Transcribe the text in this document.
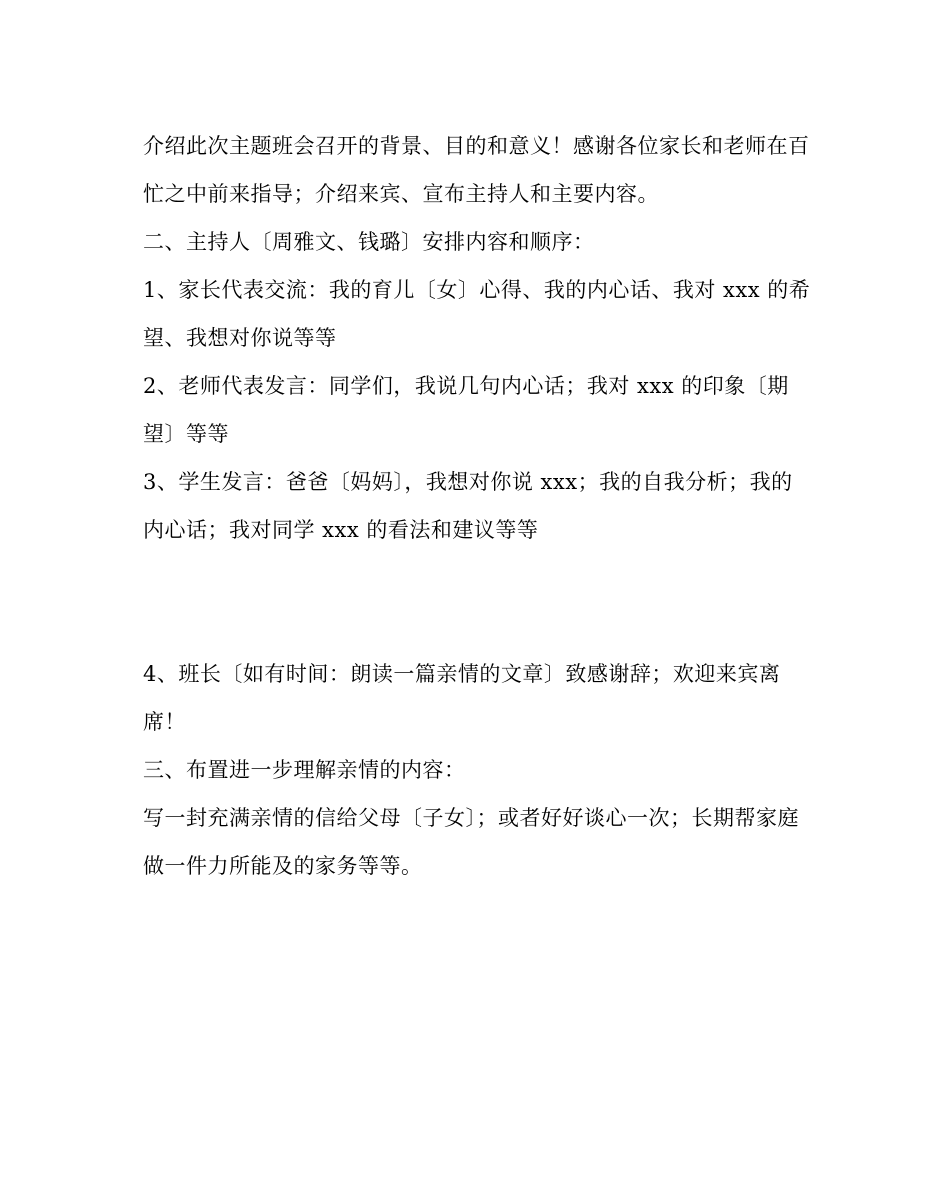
介绍此次主题班会召开的背景、目的和意义！感谢各位家长和老师在百忙之中前来指导；介绍来宾、宣布主持人和主要内容。
二、主持人〔周雅文、钱璐〕安排内容和顺序：
1、家长代表交流：我的育儿〔女〕心得、我的内心话、我对 xxx 的希望、我想对你说等等
2、老师代表发言：同学们，我说几句内心话；我对 xxx 的印象〔期望〕等等
3、学生发言：爸爸〔妈妈〕，我想对你说 xxx；我的自我分析；我的内心话；我对同学 xxx 的看法和建议等等
4、班长〔如有时间：朗读一篇亲情的文章〕致感谢辞；欢迎来宾离席！
三、布置进一步理解亲情的内容：
写一封充满亲情的信给父母〔子女〕；或者好好谈心一次；长期帮家庭做一件力所能及的家务等等。
